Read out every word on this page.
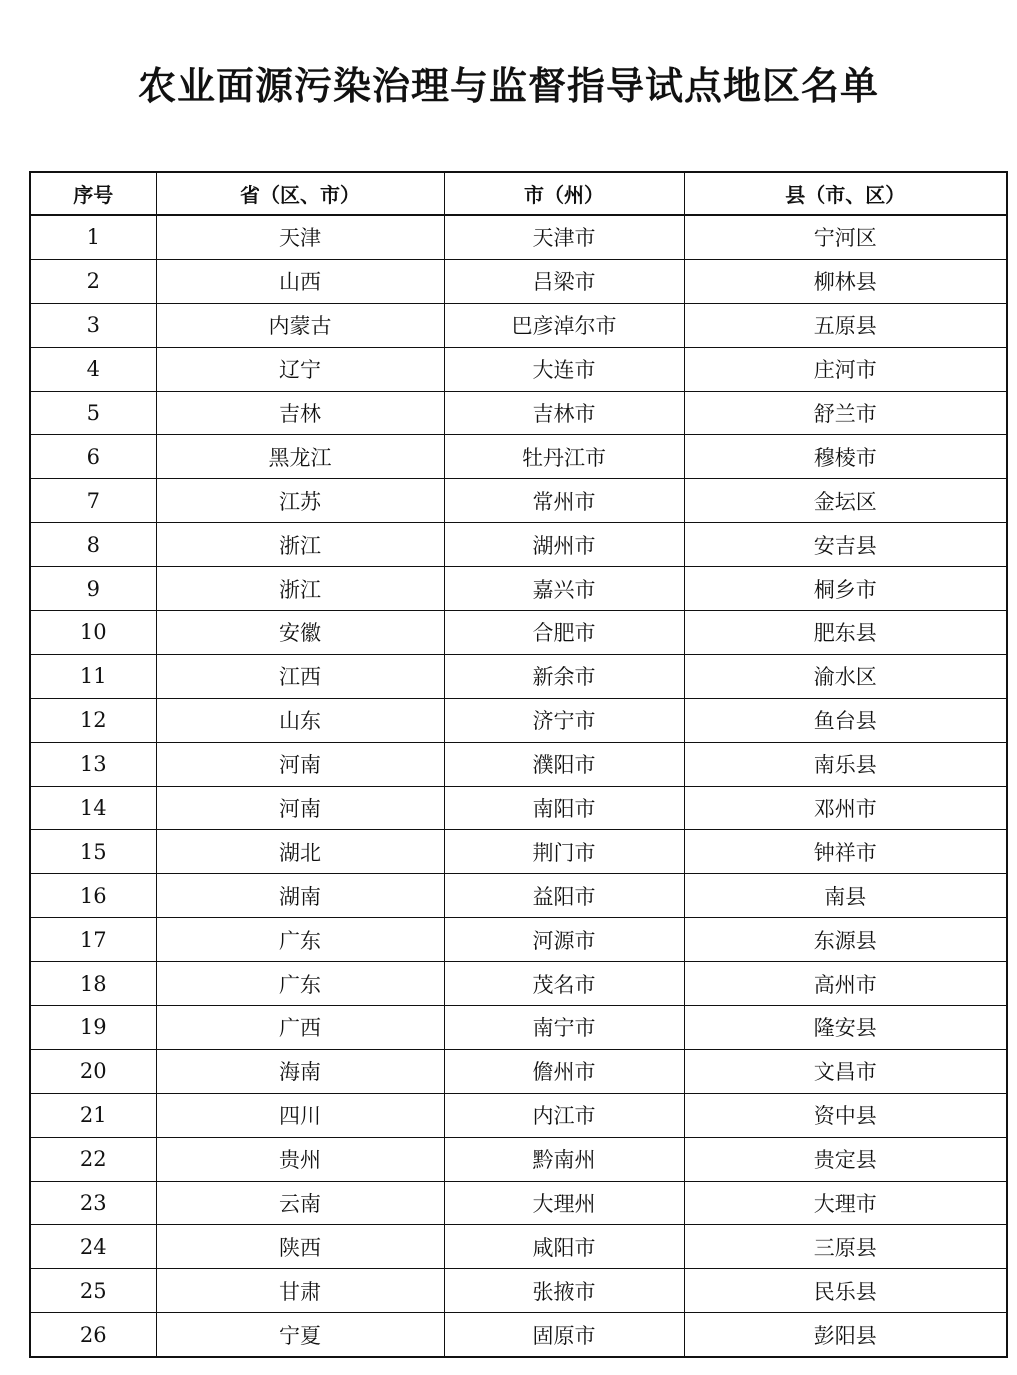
农业面源污染治理与监督指导试点地区名单
序号	省（区、市）	市（州）	县（市、区）
1	天津	天津市	宁河区
2	山西	吕梁市	柳林县
3	内蒙古	巴彦淖尔市	五原县
4	辽宁	大连市	庄河市
5	吉林	吉林市	舒兰市
6	黑龙江	牡丹江市	穆棱市
7	江苏	常州市	金坛区
8	浙江	湖州市	安吉县
9	浙江	嘉兴市	桐乡市
10	安徽	合肥市	肥东县
11	江西	新余市	渝水区
12	山东	济宁市	鱼台县
13	河南	濮阳市	南乐县
14	河南	南阳市	邓州市
15	湖北	荆门市	钟祥市
16	湖南	益阳市	南县
17	广东	河源市	东源县
18	广东	茂名市	高州市
19	广西	南宁市	隆安县
20	海南	儋州市	文昌市
21	四川	内江市	资中县
22	贵州	黔南州	贵定县
23	云南	大理州	大理市
24	陕西	咸阳市	三原县
25	甘肃	张掖市	民乐县
26	宁夏	固原市	彭阳县
